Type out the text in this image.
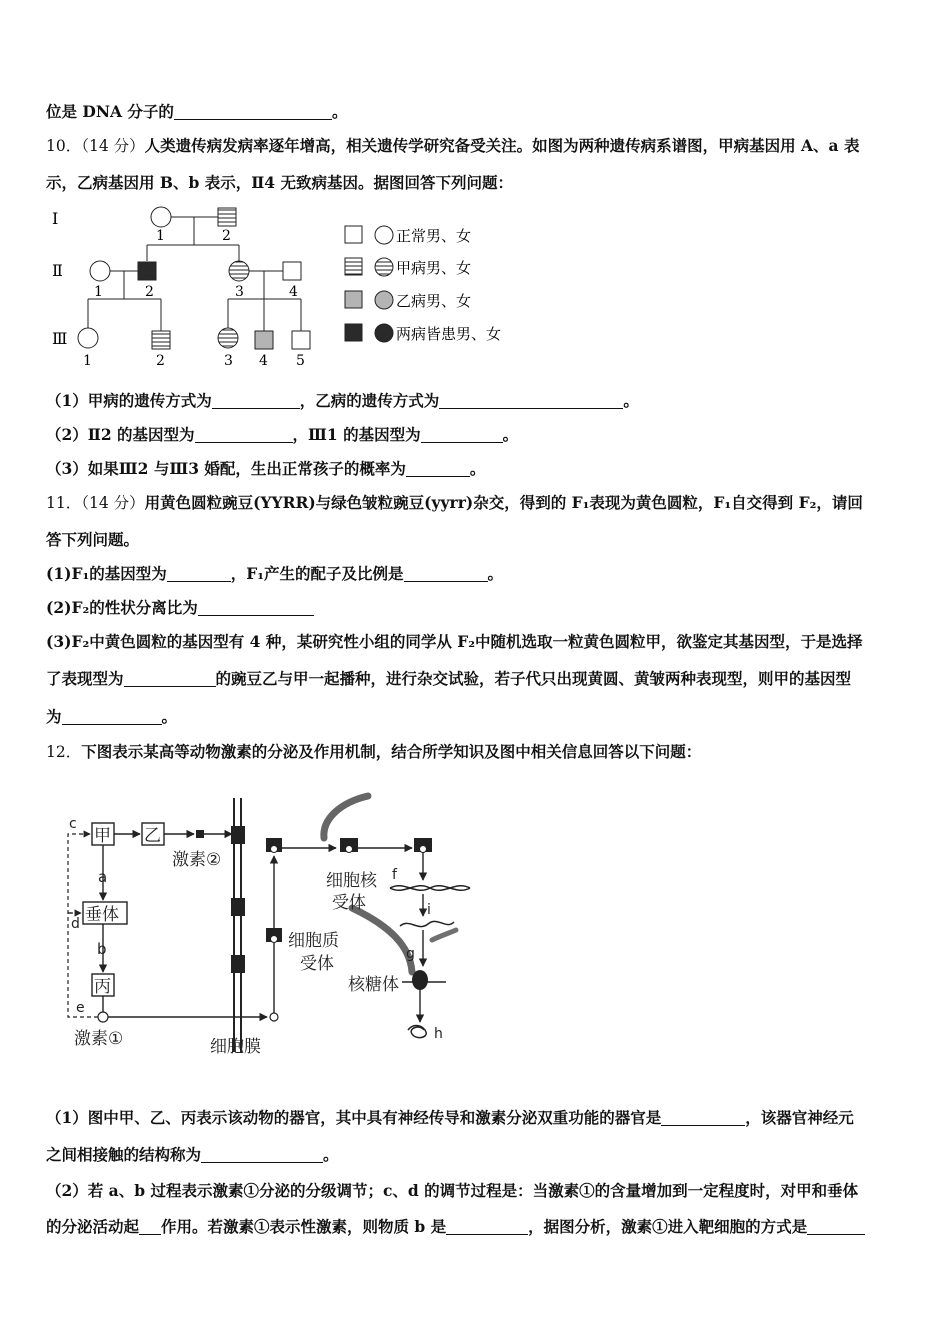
位是 DNA 分子的	。
10．（14 分）人类遗传病发病率逐年增高，相关遗传学研究备受关注。如图为两种遗传病系谱图，甲病基因用 A、a 表
示，乙病基因用 B、b 表示，Ⅱ4 无致病基因。据图回答下列问题：
Ⅰ
Ⅱ
Ⅲ
1	2
1	2	3	4
1	2	3 4 5
正常男、女
甲病男、女
乙病男、女
两病皆患男、女
（1）甲病的遗传方式为	，乙病的遗传方式为	。
（2）Ⅱ2 的基因型为	，Ⅲ1 的基因型为	。
（3）如果Ⅲ2 与Ⅲ3 婚配，生出正常孩子的概率为	。
11．（14 分）用黄色圆粒豌豆(YYRR)与绿色皱粒豌豆(yyrr)杂交，得到的 F₁表现为黄色圆粒，F₁自交得到 F₂，请回
答下列问题。
(1)F₁的基因型为	，F₁产生的配子及比例是	。
(2)F₂的性状分离比为
(3)F₂中黄色圆粒的基因型有 4 种，某研究性小组的同学从 F₂中随机选取一粒黄色圆粒甲，欲鉴定其基因型，于是选择
了表现型为	的豌豆乙与甲一起播种，进行杂交试验，若子代只出现黄圆、黄皱两种表现型，则甲的基因型
为	。
12．下图表示某高等动物激素的分泌及作用机制，结合所学知识及图中相关信息回答以下问题：
甲 乙
激素②
a
垂体
b
丙
激素①
c
d
e
细胞膜
细胞质
受体
细胞核
受体
f
i
g
核糖体
h
（1）图中甲、乙、丙表示该动物的器官，其中具有神经传导和激素分泌双重功能的器官是	，该器官神经元
之间相接触的结构称为	。
（2）若 a、b 过程表示激素①分泌的分级调节；c、d 的调节过程是：当激素①的含量增加到一定程度时，对甲和垂体
的分泌活动起 作用。若激素①表示性激素，则物质 b 是	，据图分析，激素①进入靶细胞的方式是
